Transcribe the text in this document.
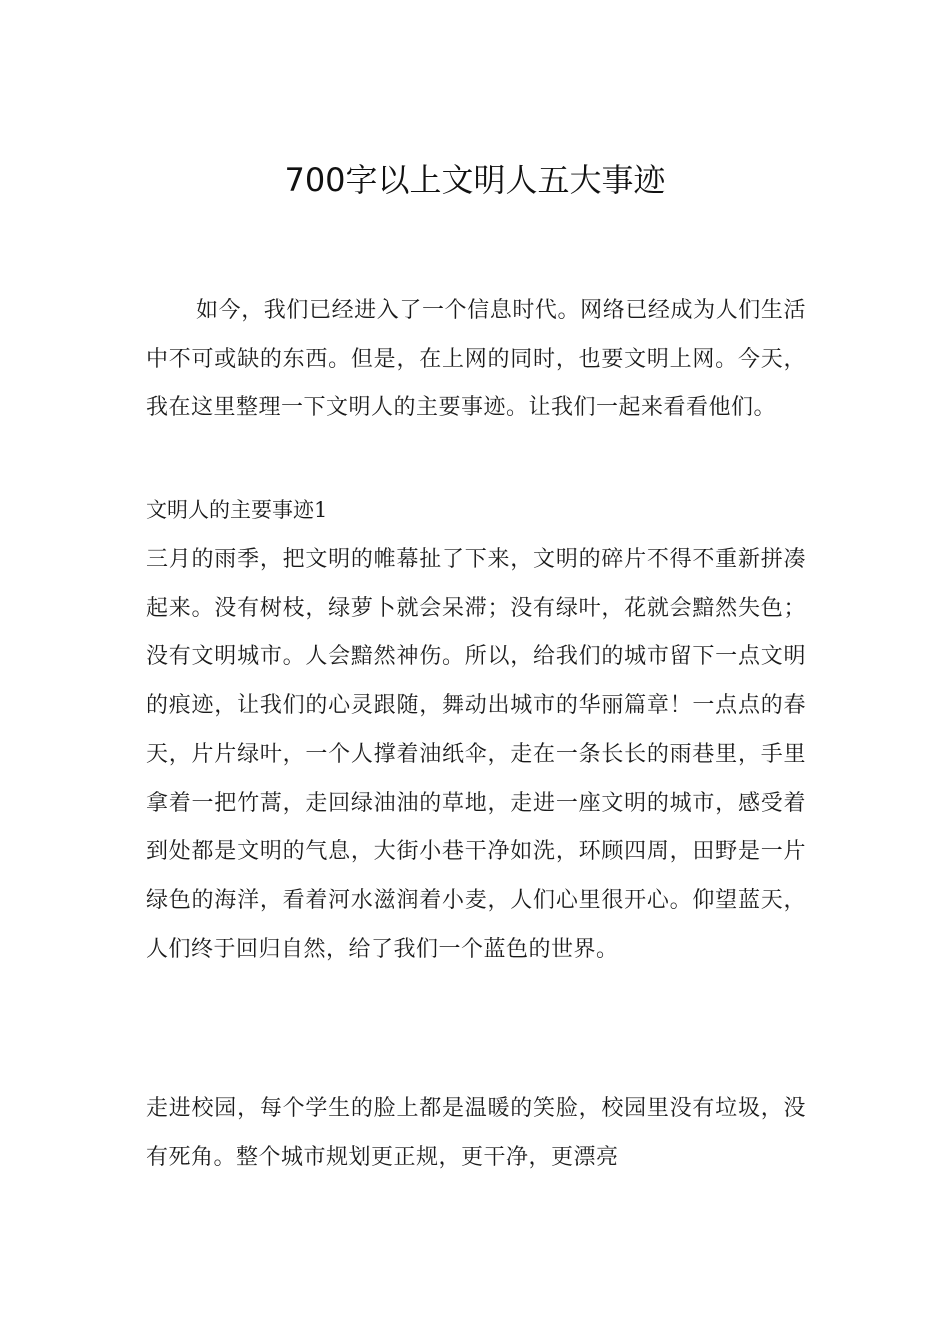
700字以上文明人五大事迹

如今，我们已经进入了一个信息时代。网络已经成为人们生活中不可或缺的东西。但是，在上网的同时，也要文明上网。今天，我在这里整理一下文明人的主要事迹。让我们一起来看看他们。

文明人的主要事迹1

三月的雨季，把文明的帷幕扯了下来，文明的碎片不得不重新拼凑起来。没有树枝，绿萝卜就会呆滞；没有绿叶，花就会黯然失色；没有文明城市。人会黯然神伤。所以，给我们的城市留下一点文明的痕迹，让我们的心灵跟随，舞动出城市的华丽篇章！一点点的春天，片片绿叶，一个人撑着油纸伞，走在一条长长的雨巷里，手里拿着一把竹蒿，走回绿油油的草地，走进一座文明的城市，感受着到处都是文明的气息，大街小巷干净如洗，环顾四周，田野是一片绿色的海洋，看着河水滋润着小麦，人们心里很开心。仰望蓝天，人们终于回归自然，给了我们一个蓝色的世界。

走进校园，每个学生的脸上都是温暖的笑脸，校园里没有垃圾，没有死角。整个城市规划更正规，更干净，更漂亮
